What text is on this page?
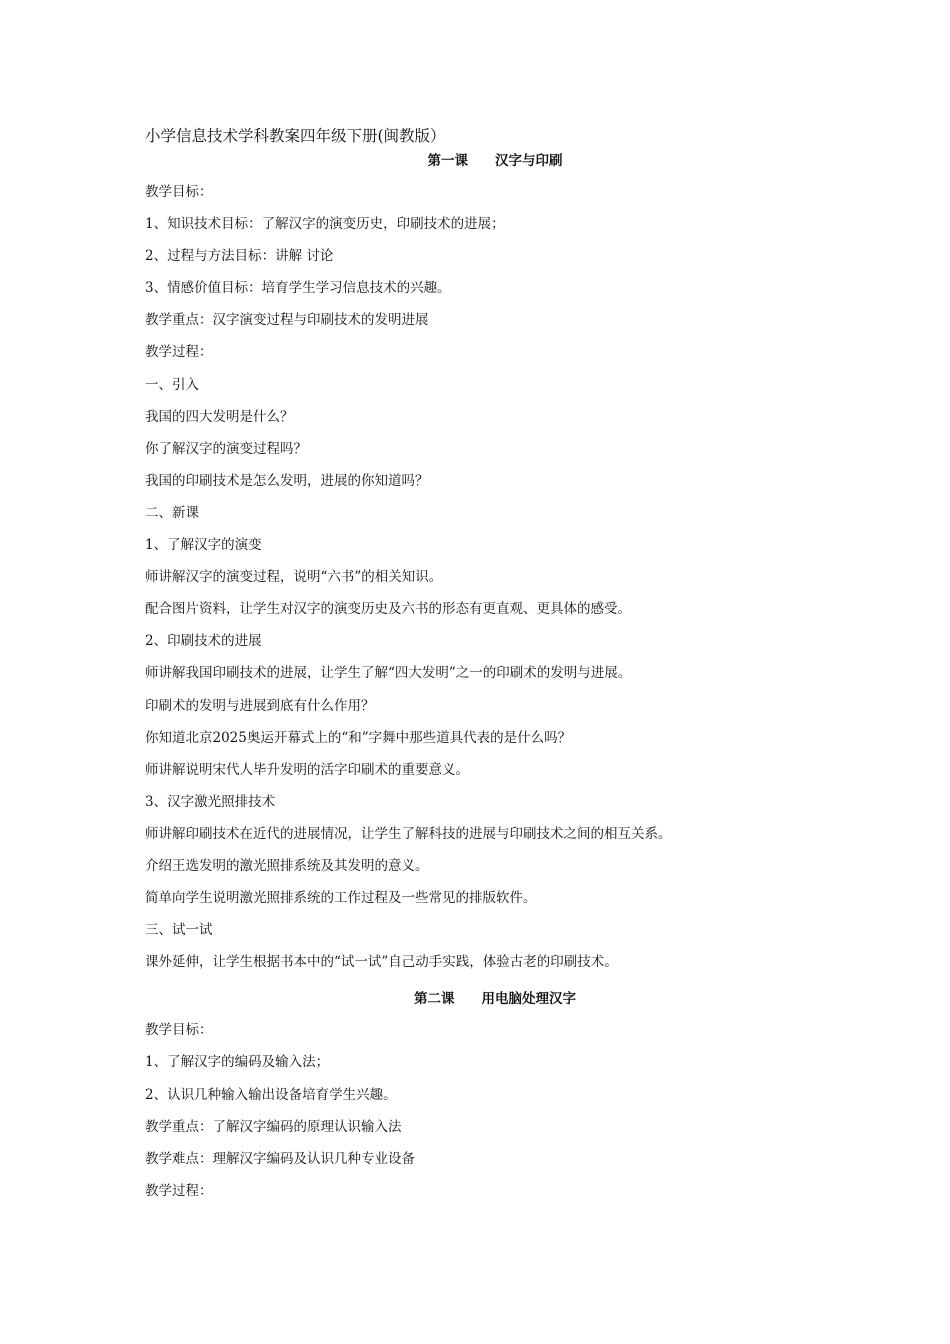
小学信息技术学科教案四年级下册(闽教版）

第一课　　汉字与印刷

教学目标：

1、知识技术目标：了解汉字的演变历史，印刷技术的进展；

2、过程与方法目标：讲解 讨论

3、情感价值目标：培育学生学习信息技术的兴趣。

教学重点：汉字演变过程与印刷技术的发明进展

教学过程：

一、引入

我国的四大发明是什么？

你了解汉字的演变过程吗？

我国的印刷技术是怎么发明，进展的你知道吗？

二、新课

1、了解汉字的演变

师讲解汉字的演变过程，说明“六书”的相关知识。

配合图片资料，让学生对汉字的演变历史及六书的形态有更直观、更具体的感受。

2、印刷技术的进展

师讲解我国印刷技术的进展，让学生了解“四大发明”之一的印刷术的发明与进展。

印刷术的发明与进展到底有什么作用？

你知道北京2025奥运开幕式上的“和”字舞中那些道具代表的是什么吗？

师讲解说明宋代人毕升发明的活字印刷术的重要意义。

3、汉字激光照排技术

师讲解印刷技术在近代的进展情况，让学生了解科技的进展与印刷技术之间的相互关系。

介绍王选发明的激光照排系统及其发明的意义。

简单向学生说明激光照排系统的工作过程及一些常见的排版软件。

三、试一试

课外延伸，让学生根据书本中的“试一试”自己动手实践，体验古老的印刷技术。

第二课　　用电脑处理汉字

教学目标：

1、了解汉字的编码及输入法；

2、认识几种输入输出设备培育学生兴趣。

教学重点：了解汉字编码的原理认识输入法

教学难点：理解汉字编码及认识几种专业设备

教学过程：
